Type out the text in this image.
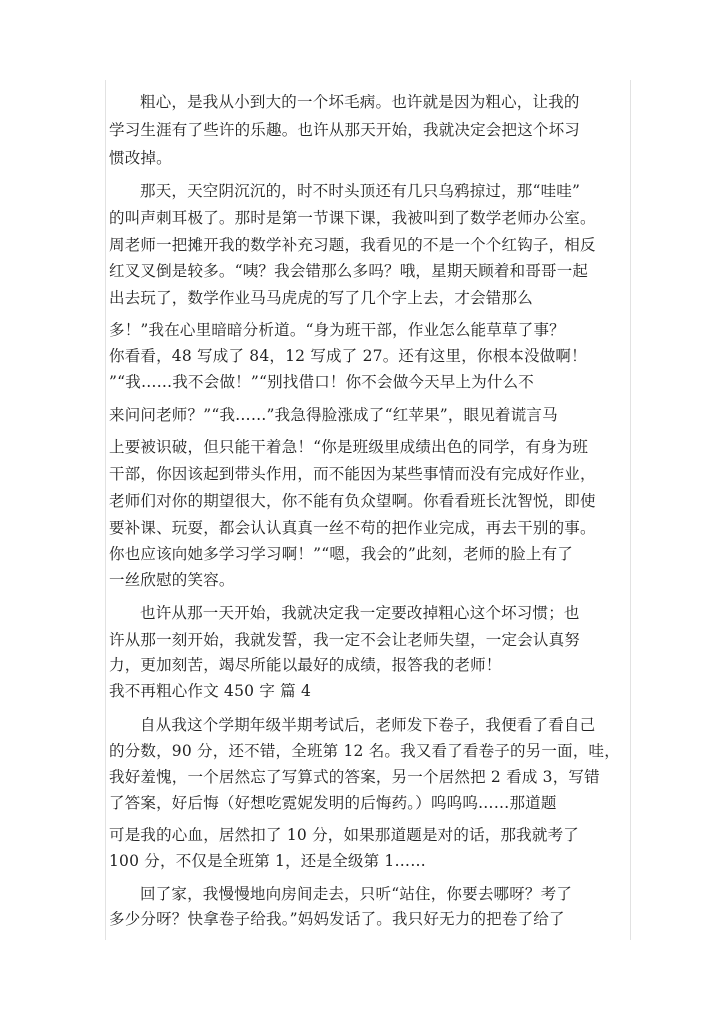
粗心，是我从小到大的一个坏毛病。也许就是因为粗心，让我的
学习生涯有了些许的乐趣。也许从那天开始，我就决定会把这个坏习
惯改掉。
那天，天空阴沉沉的，时不时头顶还有几只乌鸦掠过，那“哇哇”
的叫声刺耳极了。那时是第一节课下课，我被叫到了数学老师办公室。
周老师一把摊开我的数学补充习题，我看见的不是一个个红钩子，相反
红叉叉倒是较多。“咦？我会错那么多吗？哦，星期天顾着和哥哥一起
出去玩了，数学作业马马虎虎的写了几个字上去，才会错那么
多！”我在心里暗暗分析道。“身为班干部，作业怎么能草草了事？
你看看，48 写成了 84，12 写成了 27。还有这里，你根本没做啊！
”“我……我不会做！”“别找借口！你不会做今天早上为什么不
来问问老师？”“我……”我急得脸涨成了“红苹果”，眼见着谎言马
上要被识破，但只能干着急！“你是班级里成绩出色的同学，有身为班
干部，你因该起到带头作用，而不能因为某些事情而没有完成好作业，
老师们对你的期望很大，你不能有负众望啊。你看看班长沈智悦，即使
要补课、玩耍，都会认认真真一丝不苟的把作业完成，再去干别的事。
你也应该向她多学习学习啊！”“嗯，我会的”此刻，老师的脸上有了
一丝欣慰的笑容。
也许从那一天开始，我就决定我一定要改掉粗心这个坏习惯；也
许从那一刻开始，我就发誓，我一定不会让老师失望，一定会认真努
力，更加刻苦，竭尽所能以最好的成绩，报答我的老师！
我不再粗心作文 450 字 篇 4
自从我这个学期年级半期考试后，老师发下卷子，我便看了看自己
的分数，90 分，还不错，全班第 12 名。我又看了看卷子的另一面，哇，
我好羞愧，一个居然忘了写算式的答案，另一个居然把 2 看成 3，写错
了答案，好后悔（好想吃霓妮发明的后悔药。）呜呜呜……那道题
可是我的心血，居然扣了 10 分，如果那道题是对的话，那我就考了
100 分，不仅是全班第 1，还是全级第 1……
回了家，我慢慢地向房间走去，只听“站住，你要去哪呀？考了
多少分呀？快拿卷子给我。”妈妈发话了。我只好无力的把卷了给了
